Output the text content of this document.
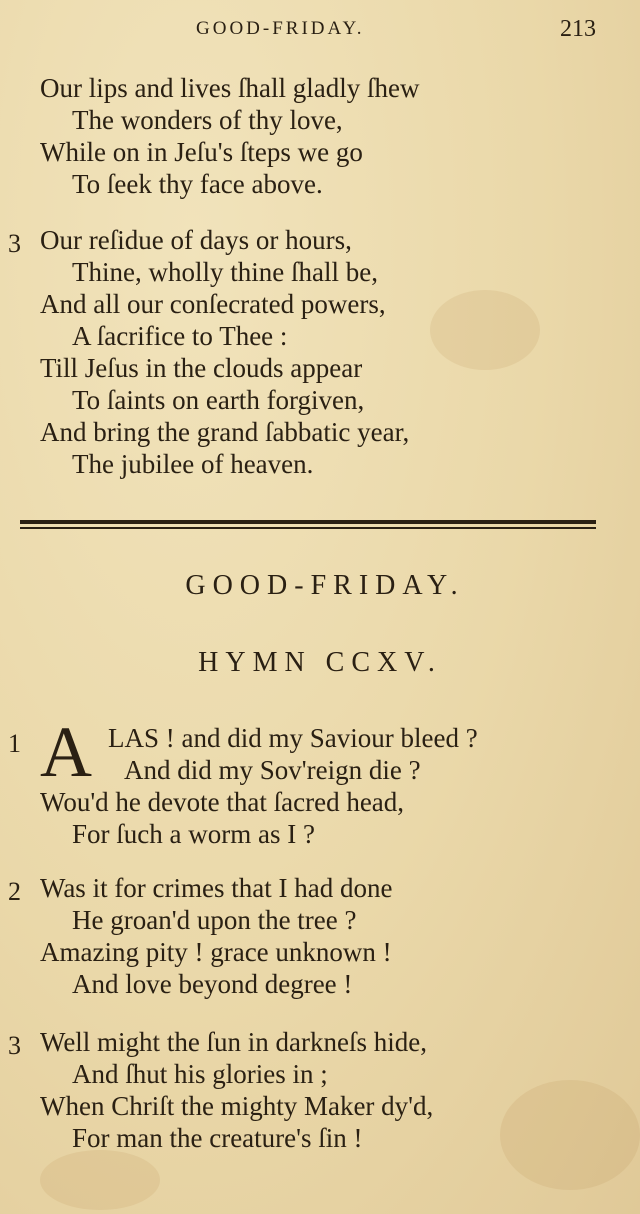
GOOD-FRIDAY.	213
Our lips and lives ſhall gladly ſhew
The wonders of thy love,
While on in Jeſu's ſteps we go
To ſeek thy face above.
3 Our reſidue of days or hours,
Thine, wholly thine ſhall be,
And all our conſecrated powers,
A ſacrifice to Thee :
Till Jeſus in the clouds appear
To ſaints on earth forgiven,
And bring the grand ſabbatic year,
The jubilee of heaven.
GOOD-FRIDAY.
HYMN CCXV.
1 A LAS ! and did my Saviour bleed ?
And did my Sov'reign die ?
Wou'd he devote that ſacred head,
For ſuch a worm as I ?
2 Was it for crimes that I had done
He groan'd upon the tree ?
Amazing pity ! grace unknown !
And love beyond degree !
3 Well might the ſun in darkneſs hide,
And ſhut his glories in ;
When Chriſt the mighty Maker dy'd,
For man the creature's ſin !
